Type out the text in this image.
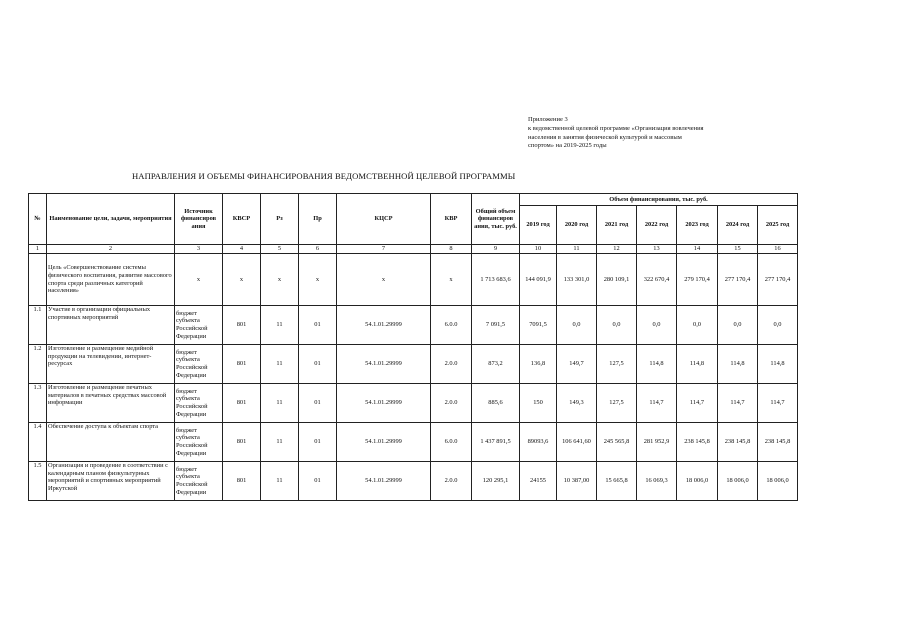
Приложение 3
к ведомственной целевой программе «Организация вовлечения
населения в занятия физической культурой и массовым
спортом» на 2019-2025 годы
НАПРАВЛЕНИЯ И ОБЪЕМЫ ФИНАНСИРОВАНИЯ ВЕДОМСТВЕННОЙ ЦЕЛЕВОЙ ПРОГРАММЫ
№	Наименование цели, задачи, мероприятия	Источник финансиров ания	КВСР	Рз	Пр	КЦСР	КВР	Общий объем финансиров ания, тыс. руб.	Объем финансирования, тыс. руб.						
									2019 год	2020 год	2021 год	2022 год	2023 год	2024 год	2025 год
1	2	3	4	5	6	7	8	9	10	11	12	13	14	15	16
	Цель «Совершенствование системы физического воспитания, развитие массового спорта среди различных категорий населения»	х	х	х	х	х	х	1 713 683,6	144 091,9	133 301,0	280 109,1	322 670,4	279 170,4	277 170,4	277 170,4
1.1	Участие в организации официальных спортивных мероприятий	бюджет субъекта Российской Федерации	801	11	01	54.1.01.29999	6.0.0	7 091,5	7091,5	0,0	0,0	0,0	0,0	0,0	0,0
1.2	Изготовление и размещение медийной продукции на телевидении, интернет-ресурсах	бюджет субъекта Российской Федерации	801	11	01	54.1.01.29999	2.0.0	873,2	136,8	149,7	127,5	114,8	114,8	114,8	114,8
1.3	Изготовление и размещение печатных материалов в печатных средствах массовой информации	бюджет субъекта Российской Федерации	801	11	01	54.1.01.29999	2.0.0	885,6	150	149,3	127,5	114,7	114,7	114,7	114,7
1.4	Обеспечение доступа к объектам спорта	бюджет субъекта Российской Федерации	801	11	01	54.1.01.29999	6.0.0	1 437 891,5	89093,6	106 641,60	245 565,8	281 952,9	238 145,8	238 145,8	238 145,8
1.5	Организация и проведение в соответствии с календарным планом физкультурных мероприятий и спортивных мероприятий Иркутской	бюджет субъекта Российской Федерации	801	11	01	54.1.01.29999	2.0.0	120 295,1	24155	10 387,00	15 665,8	16 069,3	18 006,0	18 006,0	18 006,0
